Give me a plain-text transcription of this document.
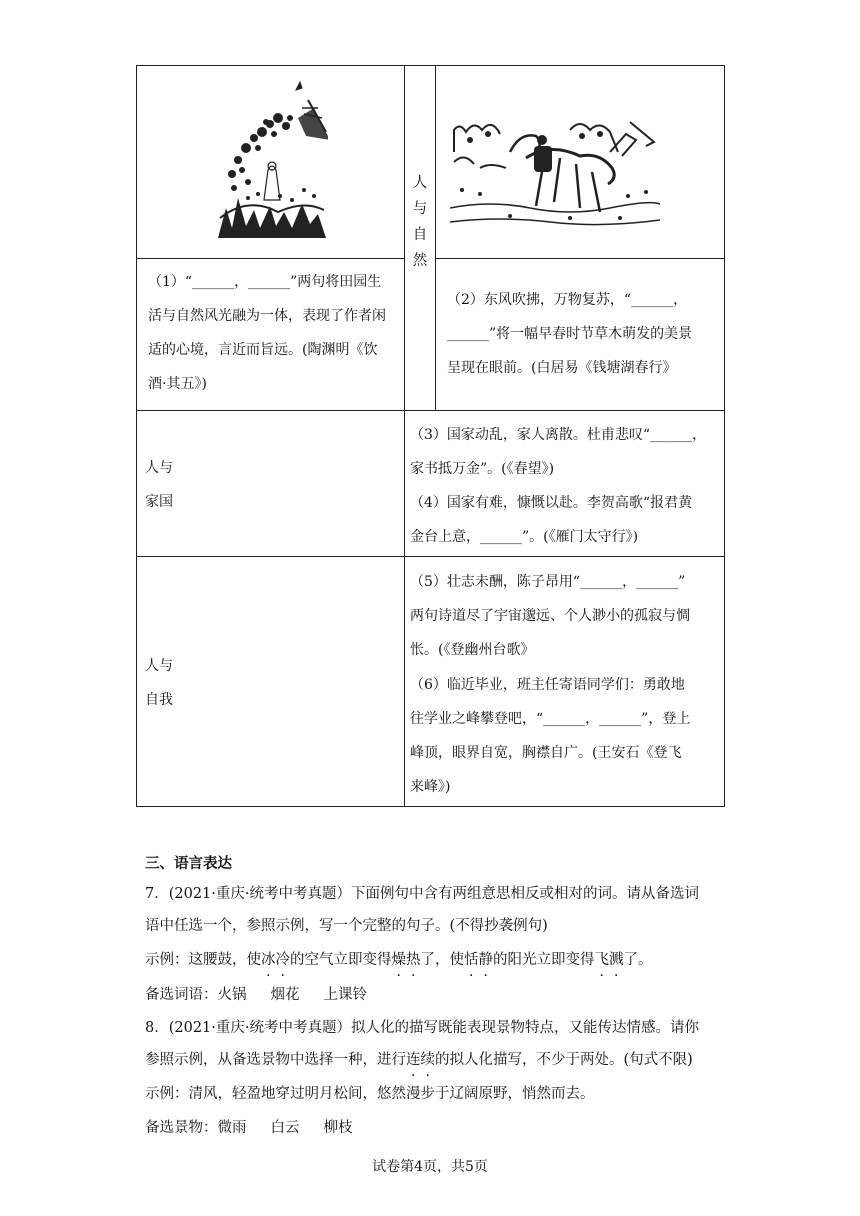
人
与
自
然
（1）“______，______”两句将田园生
活与自然风光融为一体，表现了作者闲
适的心境，言近而旨远。(陶渊明《饮
酒·其五》)
（2）东风吹拂，万物复苏，“______，
______”将一幅早春时节草木萌发的美景
呈现在眼前。(白居易《钱塘湖春行》
人与
家国
（3）国家动乱，家人离散。杜甫悲叹“______，
家书抵万金”。(《春望》)
（4）国家有难，慷慨以赴。李贺高歌“报君黄
金台上意，______”。(《雁门太守行》)
人与
自我
（5）壮志未酬，陈子昂用“______，______”
两句诗道尽了宇宙邈远、个人渺小的孤寂与惆
怅。(《登幽州台歌》
（6）临近毕业，班主任寄语同学们：勇敢地
往学业之峰攀登吧，“______，______”，登上
峰顶，眼界自宽，胸襟自广。(王安石《登飞
来峰》)
三、语言表达
7．(2021·重庆·统考中考真题）下面例句中含有两组意思相反或相对的词。请从备选词
语中任选一个，参照示例，写一个完整的句子。(不得抄袭例句)
示例：这腰鼓，使冰冷的空气立即变得燥热了，使恬静的阳光立即变得飞溅了。
备选词语：火锅 烟花 上课铃
8．(2021·重庆·统考中考真题）拟人化的描写既能表现景物特点，又能传达情感。请你
参照示例，从备选景物中选择一种，进行连续的拟人化描写，不少于两处。(句式不限)
示例：清风，轻盈地穿过明月松间，悠然漫步于辽阔原野，悄然而去。
备选景物：微雨 白云 柳枝
试卷第4页，共5页
